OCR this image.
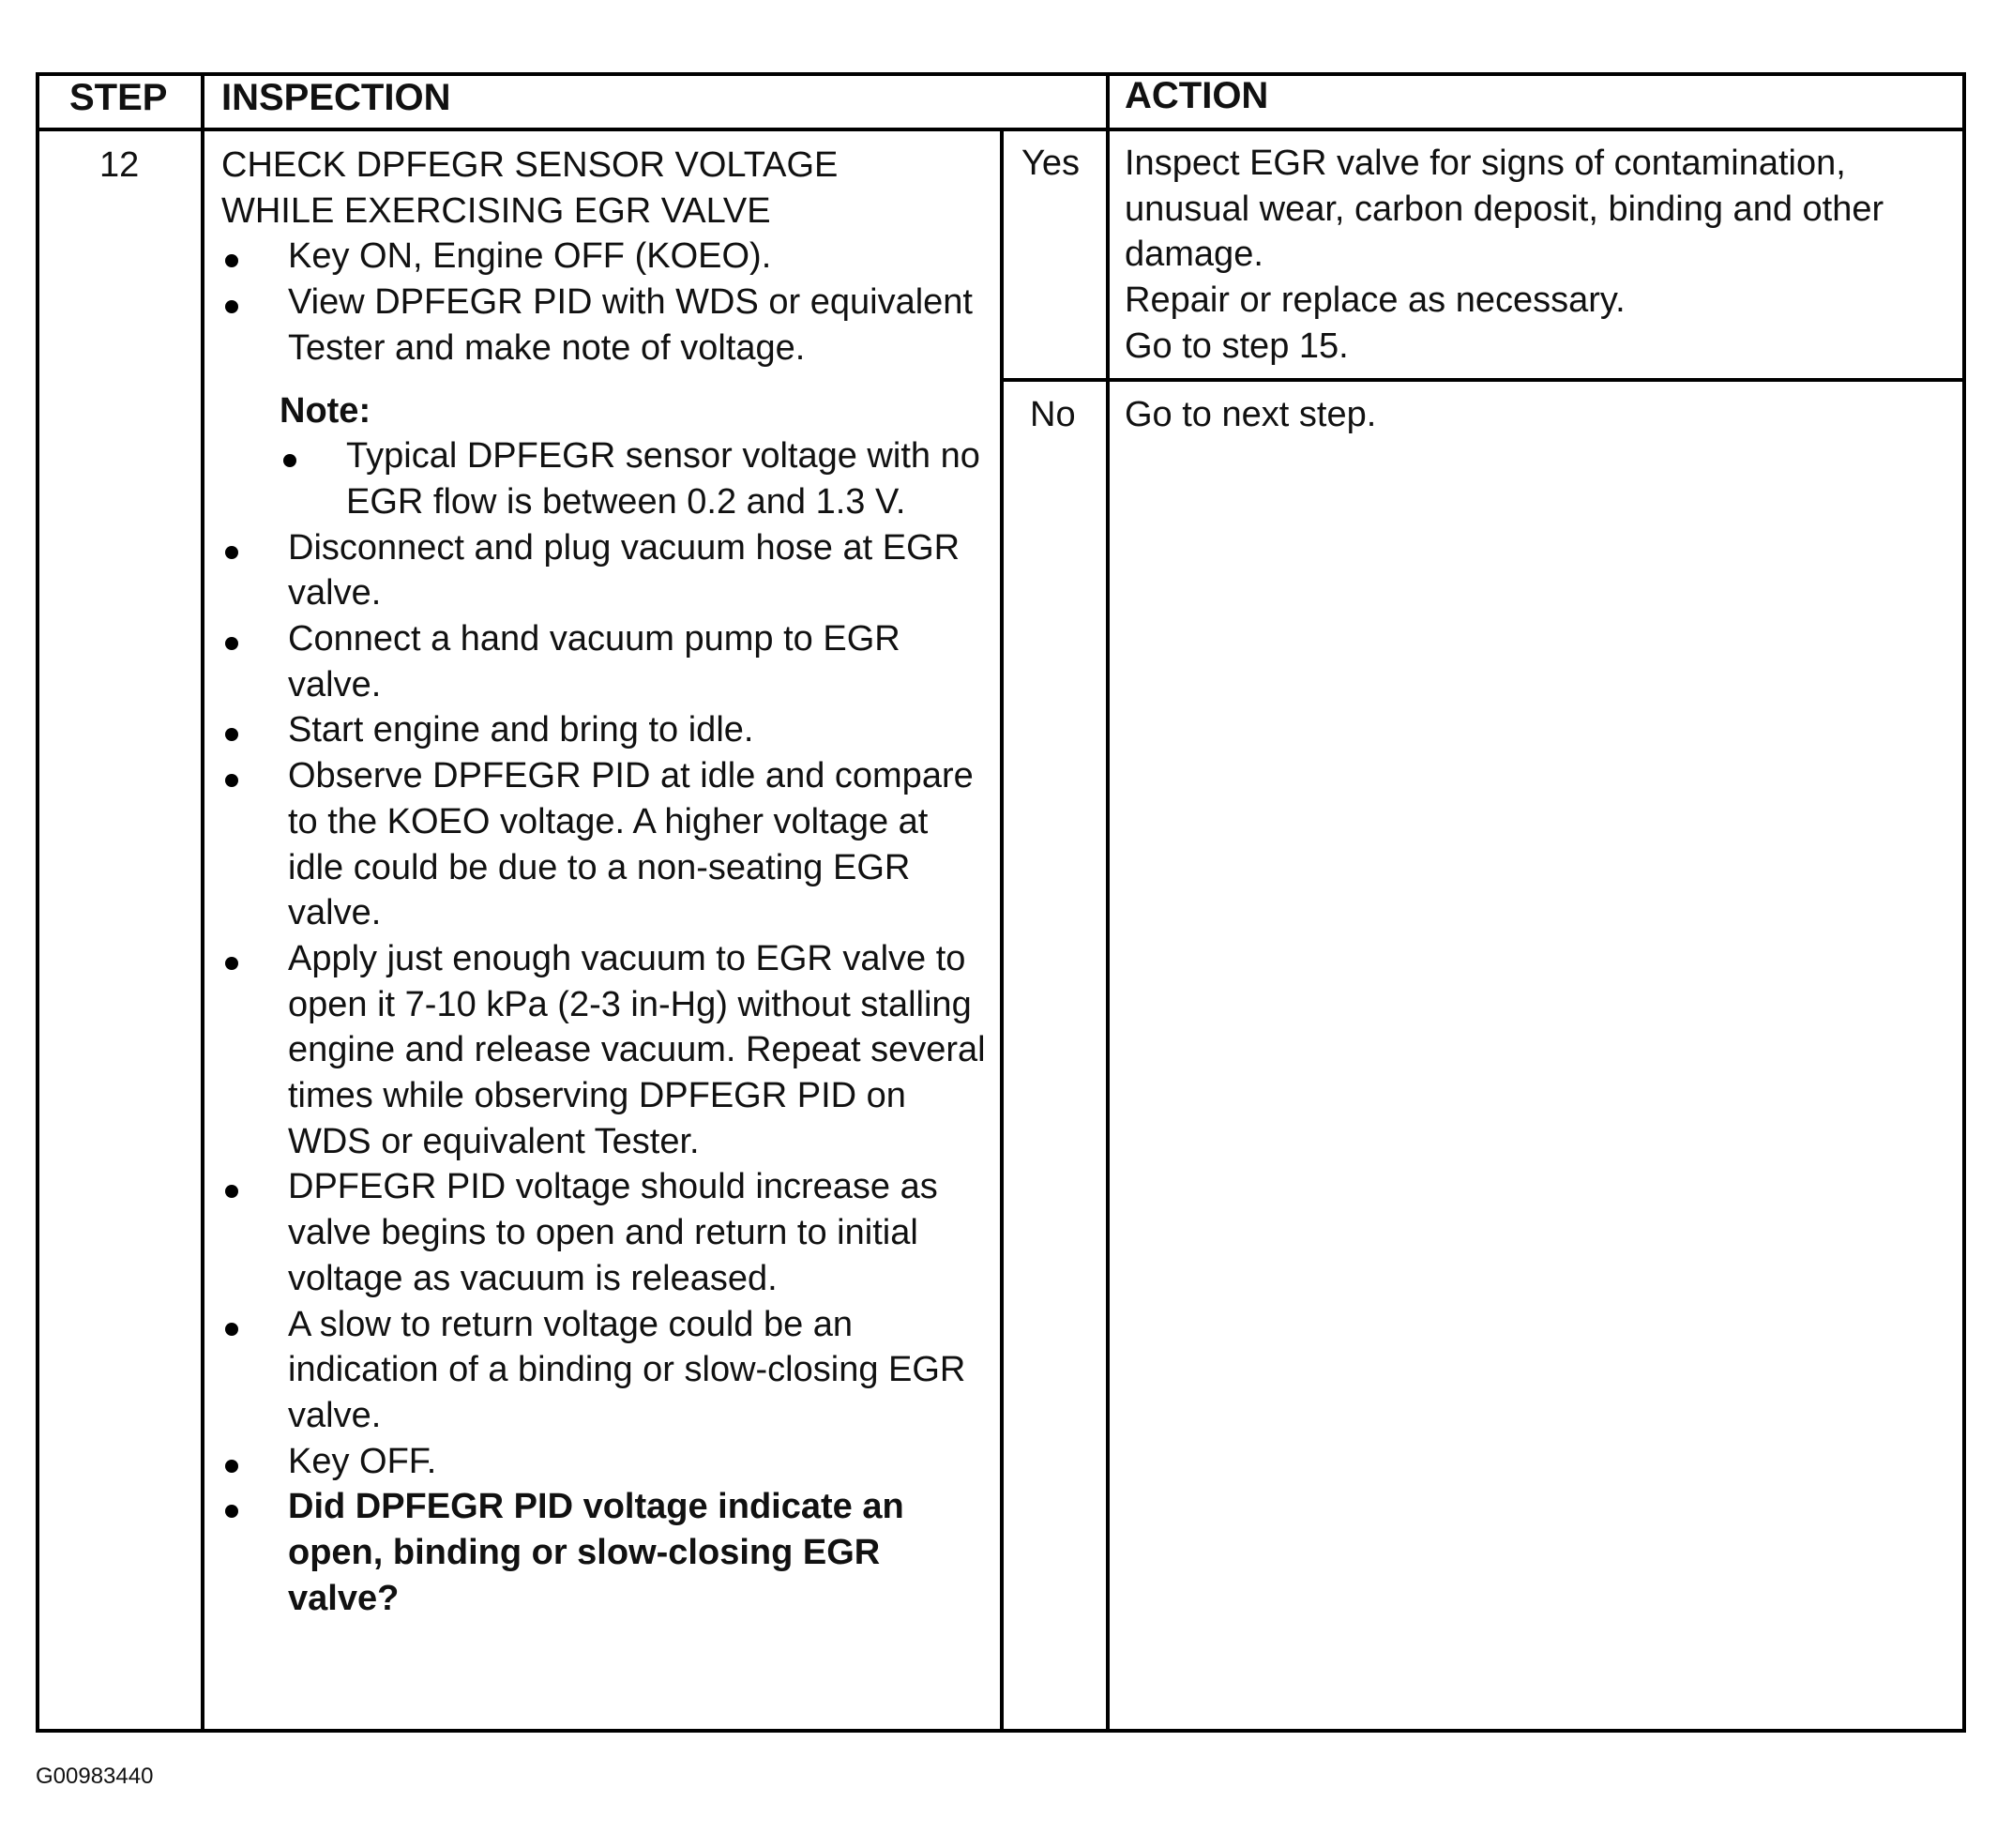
STEP INSPECTION	ACTION
12 CHECK DPFEGR SENSOR VOLTAGE
WHILE EXERCISING EGR VALVE
Key ON, Engine OFF (KOEO).
View DPFEGR PID with WDS or equivalent Tester and make note of voltage.
Note:
Typical DPFEGR sensor voltage with no EGR flow is between 0.2 and 1.3 V.
Disconnect and plug vacuum hose at EGR valve.
Connect a hand vacuum pump to EGR valve.
Start engine and bring to idle.
Observe DPFEGR PID at idle and compare to the KOEO voltage. A higher voltage at idle could be due to a non-seating EGR valve.
Apply just enough vacuum to EGR valve to open it 7-10 kPa (2-3 in-Hg) without stalling engine and release vacuum. Repeat several times while observing DPFEGR PID on WDS or equivalent Tester.
DPFEGR PID voltage should increase as valve begins to open and return to initial voltage as vacuum is released.
A slow to return voltage could be an indication of a binding or slow-closing EGR valve.
Key OFF.
Did DPFEGR PID voltage indicate an open, binding or slow-closing EGR valve?
Yes
No
Inspect EGR valve for signs of contamination, unusual wear, carbon deposit, binding and other damage.
Repair or replace as necessary.
Go to step 15.
Go to next step.
G00983440
